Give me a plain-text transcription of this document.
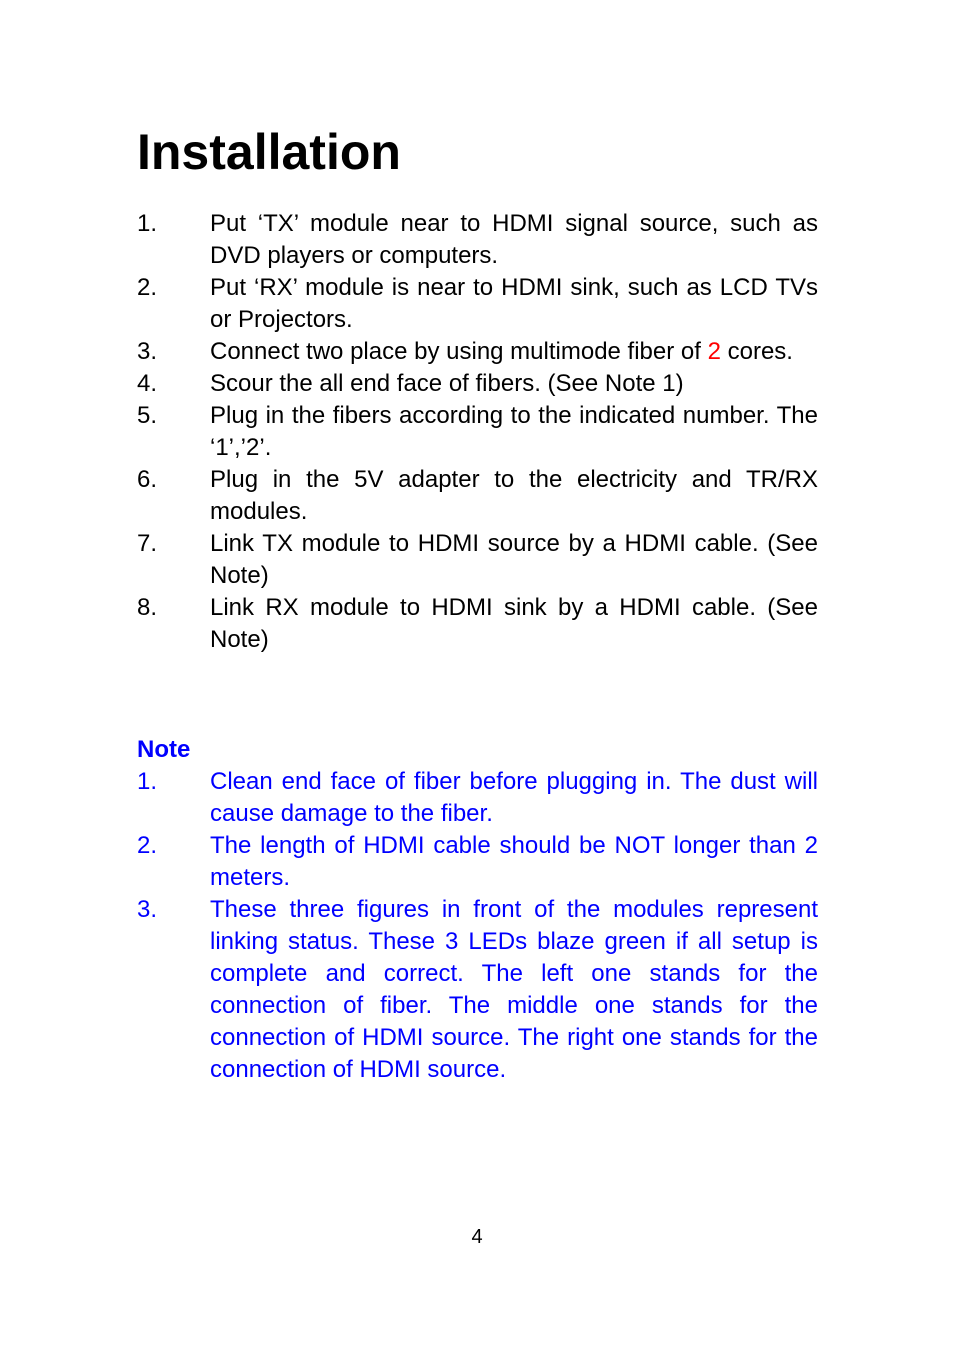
Installation
1.	Put ‘TX’ module near to HDMI signal source, such as DVD players or computers.
2.	Put ‘RX’ module is near to HDMI sink, such as LCD TVs or Projectors.
3.	Connect two place by using multimode fiber of 2 cores.
4.	Scour the all end face of fibers. (See Note 1)
5.	Plug in the fibers according to the indicated number. The ‘1’,’2’.
6.	Plug in the 5V adapter to the electricity and TR/RX modules.
7.	Link TX module to HDMI source by a HDMI cable. (See Note)
8.	Link RX module to HDMI sink by a HDMI cable. (See Note)
Note
1.	Clean end face of fiber before plugging in. The dust will cause damage to the fiber.
2.	The length of HDMI cable should be NOT longer than 2 meters.
3.	These three figures in front of the modules represent linking status. These 3 LEDs blaze green if all setup is complete and correct. The left one stands for the connection of fiber. The middle one stands for the connection of HDMI source. The right one stands for the connection of HDMI source.
4
